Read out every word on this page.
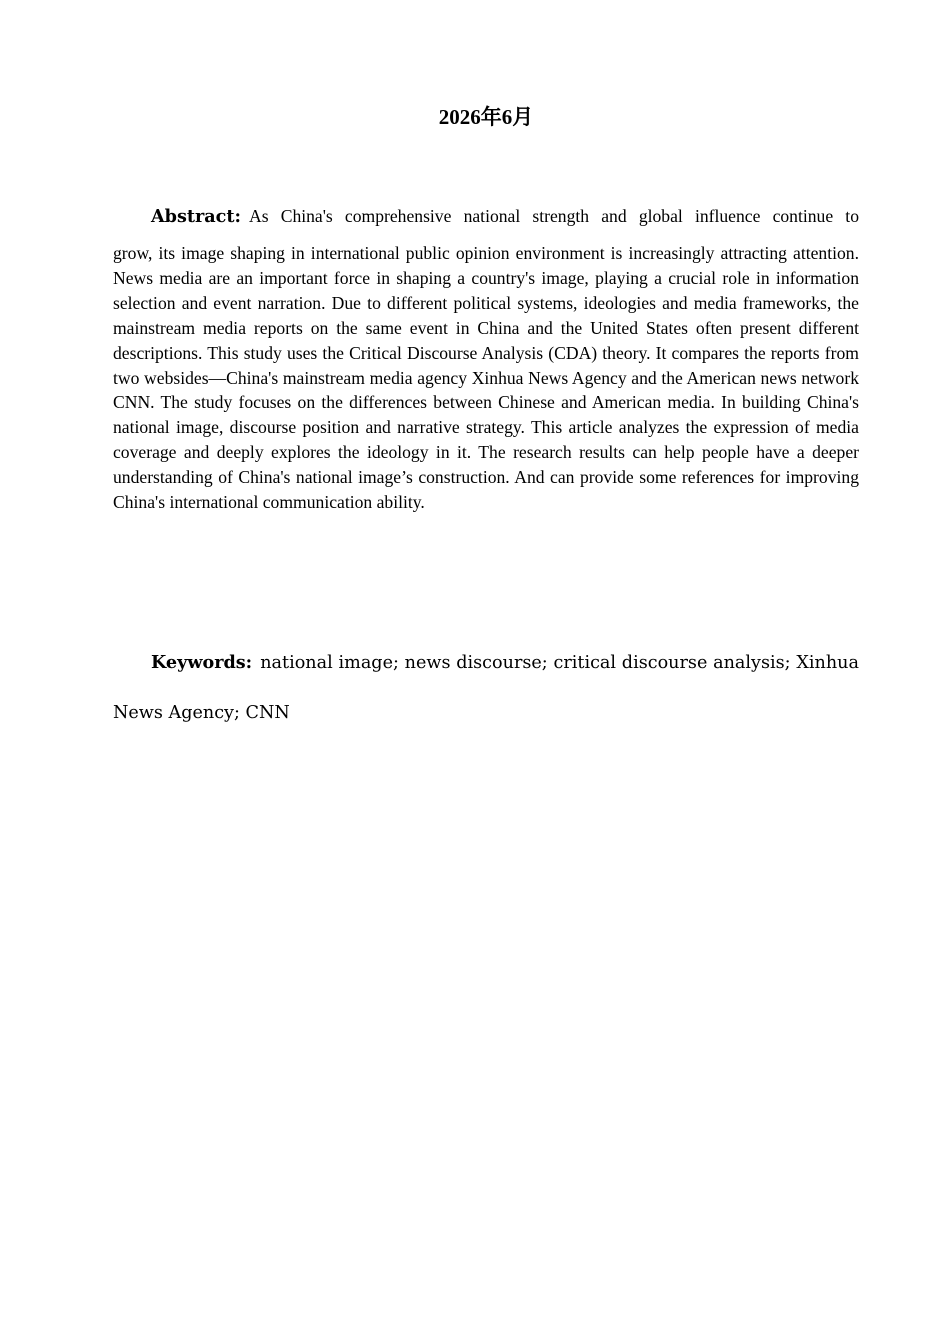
2026年6月
Abstract: As China's comprehensive national strength and global influence continue to
grow, its image shaping in international public opinion environment is increasingly attracting attention. News media are an important force in shaping a country's image, playing a crucial role in information selection and event narration. Due to different political systems, ideologies and media frameworks, the mainstream media reports on the same event in China and the United States often present different descriptions. This study uses the Critical Discourse Analysis (CDA) theory. It compares the reports from two websides—China's mainstream media agency Xinhua News Agency and the American news network CNN. The study focuses on the differences between Chinese and American media. In building China's national image, discourse position and narrative strategy. This article analyzes the expression of media coverage and deeply explores the ideology in it. The research results can help people have a deeper understanding of China's national image’s construction. And can provide some references for improving China's international communication ability.
Keywords: national image; news discourse; critical discourse analysis; Xinhua
News Agency; CNN
